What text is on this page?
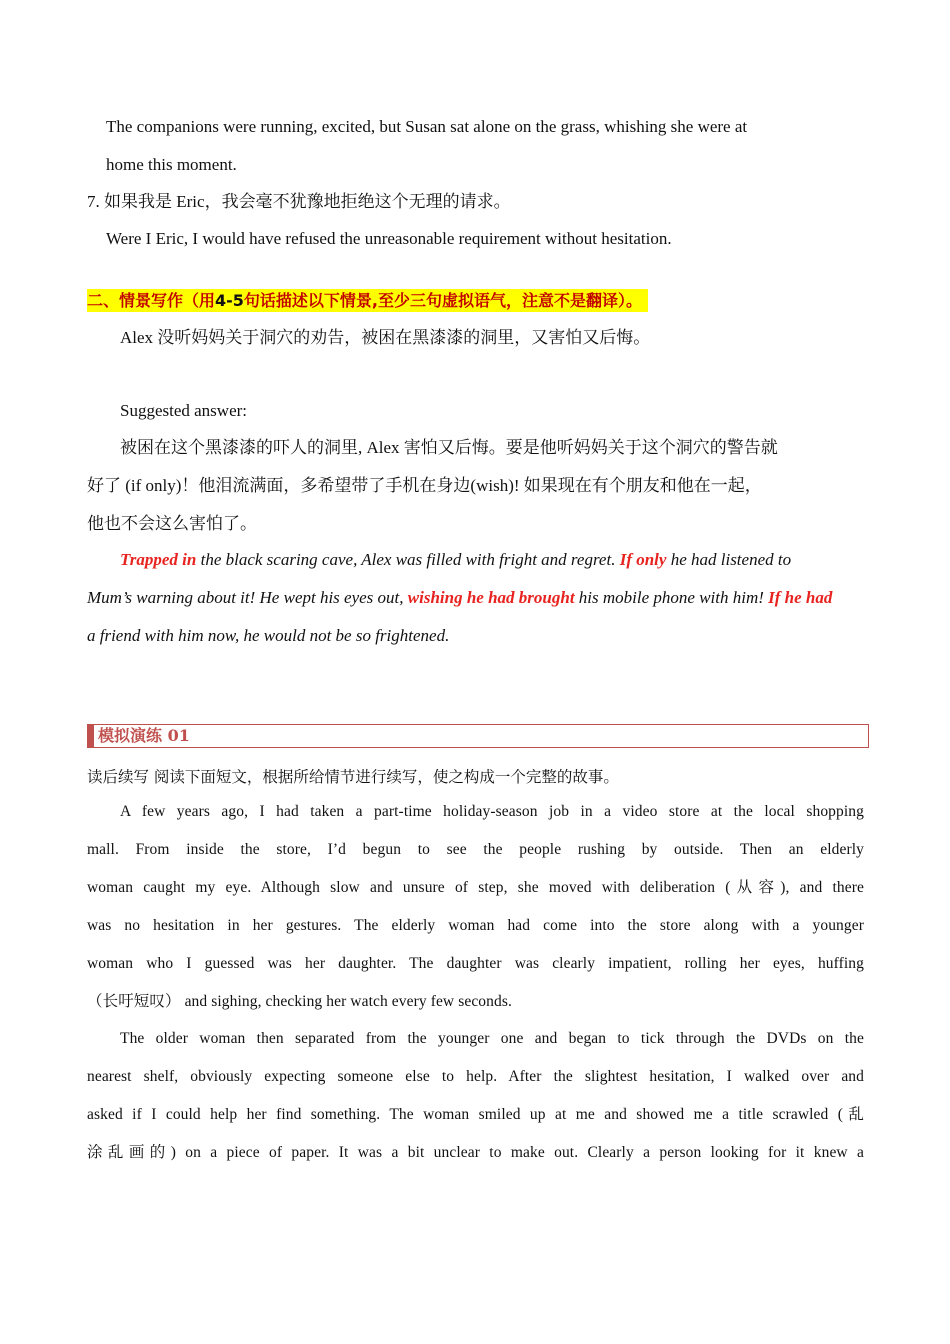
The companions were running, excited, but Susan sat alone on the grass, whishing she were at
home this moment.
7. 如果我是 Eric，我会毫不犹豫地拒绝这个无理的请求。
Were I Eric, I would have refused the unreasonable requirement without hesitation.
二、情景写作（用4-5句话描述以下情景,至少三句虚拟语气，注意不是翻译）。
Alex 没听妈妈关于洞穴的劝告，被困在黑漆漆的洞里，又害怕又后悔。
Suggested answer:
被困在这个黑漆漆的吓人的洞里, Alex 害怕又后悔。要是他听妈妈关于这个洞穴的警告就
好了 (if only)！他泪流满面，多希望带了手机在身边(wish)! 如果现在有个朋友和他在一起，
他也不会这么害怕了。
Trapped in the black scaring cave, Alex was filled with fright and regret. If only he had listened to
Mum’s warning about it! He wept his eyes out, wishing he had brought his mobile phone with him! If he had
a friend with him now, he would not be so frightened.
模拟演练 01
读后续写 阅读下面短文，根据所给情节进行续写，使之构成一个完整的故事。
A few years ago, I had taken a part-time holiday-season job in a video store at the local shopping
mall. From inside the store, I’d begun to see the people rushing by outside. Then an elderly
woman caught my eye. Although slow and unsure of step, she moved with deliberation (从容), and there
was no hesitation in her gestures. The elderly woman had come into the store along with a younger
woman who I guessed was her daughter. The daughter was clearly impatient, rolling her eyes, huffing
（长吁短叹） and sighing, checking her watch every few seconds.
The older woman then separated from the younger one and began to tick through the DVDs on the
nearest shelf, obviously expecting someone else to help. After the slightest hesitation, I walked over and
asked if I could help her find something. The woman smiled up at me and showed me a title scrawled (乱
涂乱画的) on a piece of paper. It was a bit unclear to make out. Clearly a person looking for it knew a
